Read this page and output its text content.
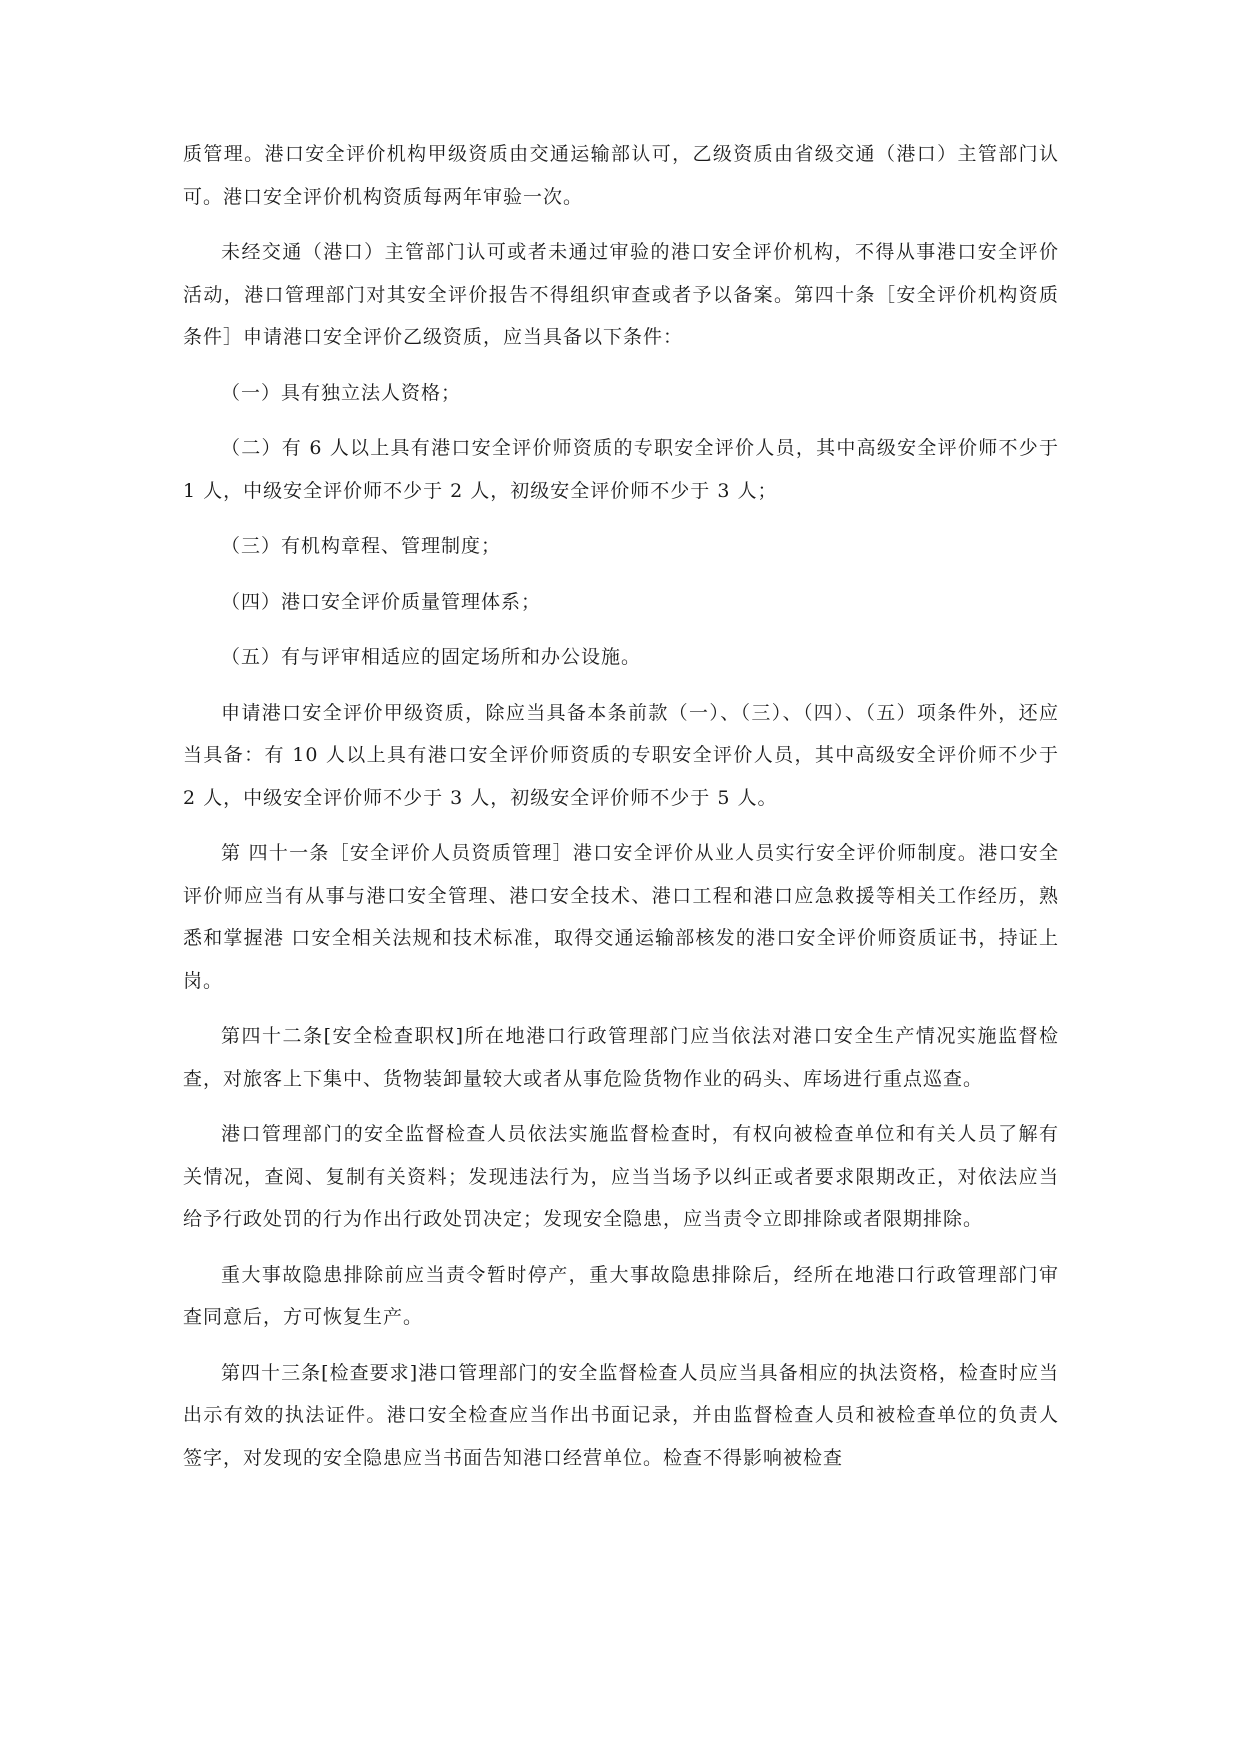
质管理。港口安全评价机构甲级资质由交通运输部认可，乙级资质由省级交通（港口）主管部门认可。港口安全评价机构资质每两年审验一次。

未经交通（港口）主管部门认可或者未通过审验的港口安全评价机构，不得从事港口安全评价活动，港口管理部门对其安全评价报告不得组织审查或者予以备案。第四十条［安全评价机构资质条件］申请港口安全评价乙级资质，应当具备以下条件：

（一）具有独立法人资格；

（二）有 6 人以上具有港口安全评价师资质的专职安全评价人员，其中高级安全评价师不少于 1 人，中级安全评价师不少于 2 人，初级安全评价师不少于 3 人；

（三）有机构章程、管理制度；

（四）港口安全评价质量管理体系；

（五）有与评审相适应的固定场所和办公设施。

申请港口安全评价甲级资质，除应当具备本条前款（一）、（三）、（四）、（五）项条件外，还应当具备：有 10 人以上具有港口安全评价师资质的专职安全评价人员，其中高级安全评价师不少于 2 人，中级安全评价师不少于 3 人，初级安全评价师不少于 5 人。

第 四十一条［安全评价人员资质管理］港口安全评价从业人员实行安全评价师制度。港口安全评价师应当有从事与港口安全管理、港口安全技术、港口工程和港口应急救援等相关工作经历，熟悉和掌握港 口安全相关法规和技术标准，取得交通运输部核发的港口安全评价师资质证书，持证上岗。

第四十二条[安全检查职权]所在地港口行政管理部门应当依法对港口安全生产情况实施监督检查，对旅客上下集中、货物装卸量较大或者从事危险货物作业的码头、库场进行重点巡查。

港口管理部门的安全监督检查人员依法实施监督检查时，有权向被检查单位和有关人员了解有关情况，查阅、复制有关资料；发现违法行为，应当当场予以纠正或者要求限期改正，对依法应当给予行政处罚的行为作出行政处罚决定；发现安全隐患，应当责令立即排除或者限期排除。

重大事故隐患排除前应当责令暂时停产，重大事故隐患排除后，经所在地港口行政管理部门审查同意后，方可恢复生产。

第四十三条[检查要求]港口管理部门的安全监督检查人员应当具备相应的执法资格，检查时应当出示有效的执法证件。港口安全检查应当作出书面记录，并由监督检查人员和被检查单位的负责人签字，对发现的安全隐患应当书面告知港口经营单位。检查不得影响被检查
